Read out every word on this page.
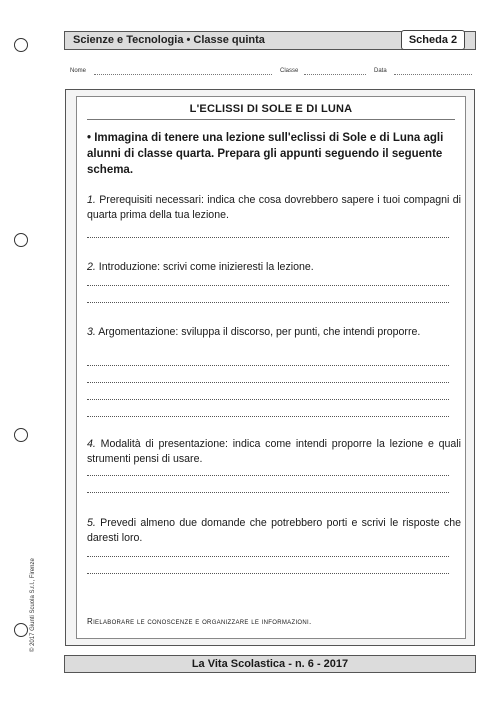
Scienze e Tecnologia • Classe quinta	Scheda 2
Nome	Classe	Data
L'ECLISSI DI SOLE E DI LUNA
• Immagina di tenere una lezione sull'eclissi di Sole e di Luna agli alunni di classe quarta. Prepara gli appunti seguendo il seguente schema.
1. Prerequisiti necessari: indica che cosa dovrebbero sapere i tuoi compagni di quarta prima della tua lezione.
2. Introduzione: scrivi come inizieresti la lezione.
3. Argomentazione: sviluppa il discorso, per punti, che intendi proporre.
4. Modalità di presentazione: indica come intendi proporre la lezione e quali strumenti pensi di usare.
5. Prevedi almeno due domande che potrebbero porti e scrivi le risposte che daresti loro.
Rielaborare le conoscenze e organizzare le informazioni.
© 2017 Giunti Scuola S.r.l., Firenze
La Vita Scolastica - n. 6 - 2017
